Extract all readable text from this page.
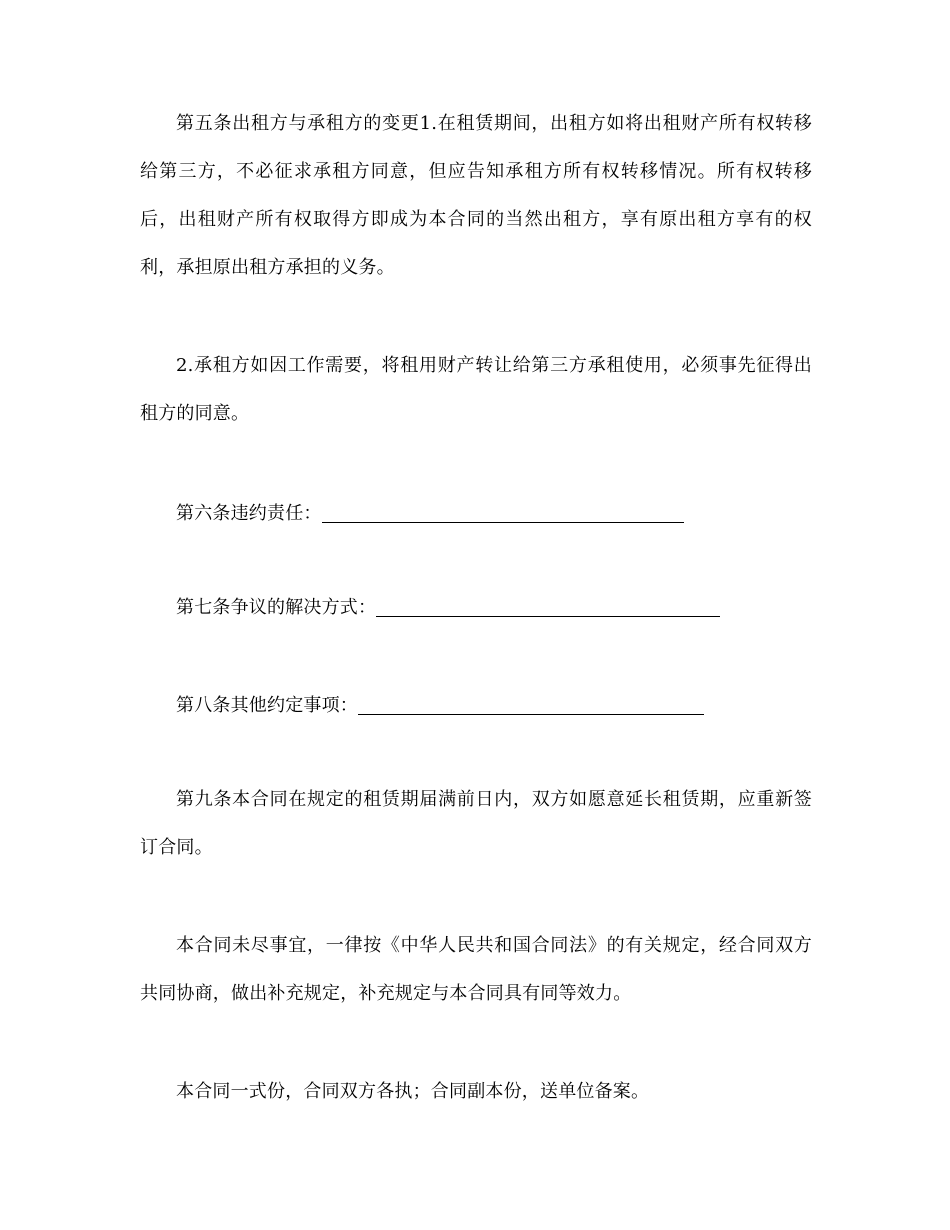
第五条出租方与承租方的变更1.在租赁期间，出租方如将出租财产所有权转移给第三方，不必征求承租方同意，但应告知承租方所有权转移情况。所有权转移后，出租财产所有权取得方即成为本合同的当然出租方，享有原出租方享有的权利，承担原出租方承担的义务。

2.承租方如因工作需要，将租用财产转让给第三方承租使用，必须事先征得出租方的同意。

第六条违约责任：

第七条争议的解决方式：

第八条其他约定事项：

第九条本合同在规定的租赁期届满前日内，双方如愿意延长租赁期，应重新签订合同。

本合同未尽事宜，一律按《中华人民共和国合同法》的有关规定，经合同双方共同协商，做出补充规定，补充规定与本合同具有同等效力。

本合同一式份，合同双方各执；合同副本份，送单位备案。
